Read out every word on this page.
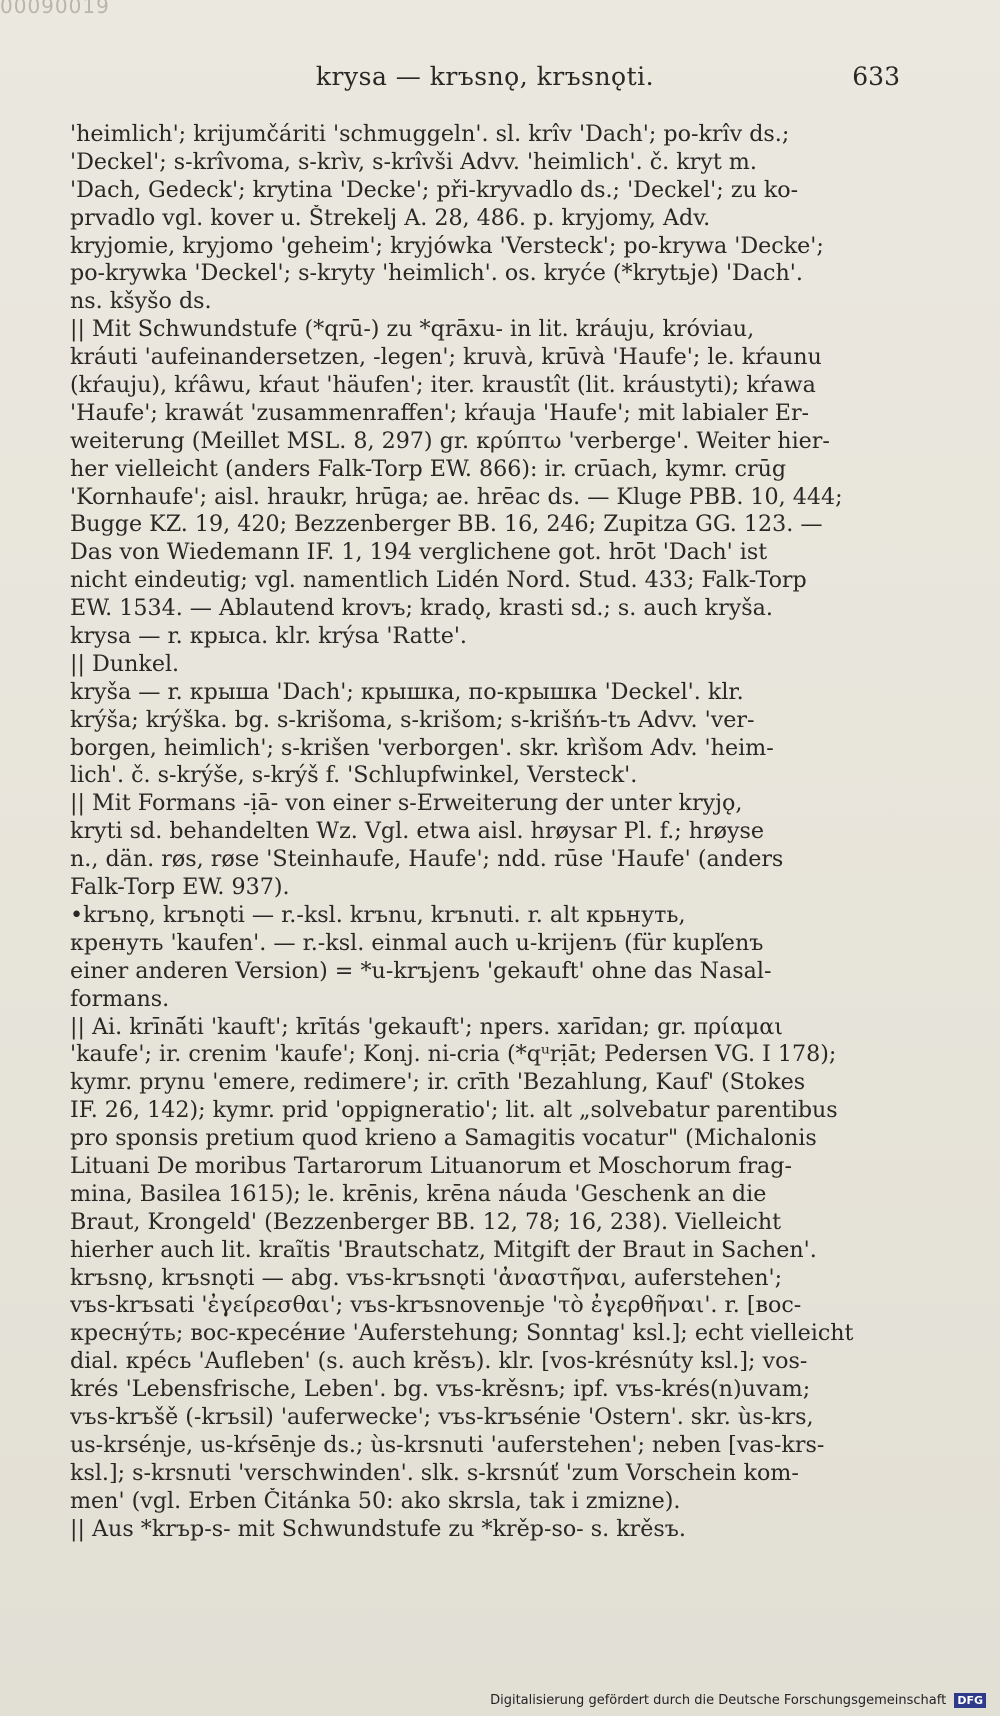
00090019
krysa — krъsnǫ, krъsnǫti.	633
'heimlich'; krijumčáriti 'schmuggeln'. sl. krîv 'Dach'; po-krîv ds.;
'Deckel'; s-krîvoma, s-krìv, s-krîvši Advv. 'heimlich'. č. kryt m.
'Dach, Gedeck'; krytina 'Decke'; při-kryvadlo ds.; 'Deckel'; zu ko-
prvadlo vgl. kover u. Štrekelj A. 28, 486. p. kryjomy, Adv.
kryjomie, kryjomo 'geheim'; kryjówka 'Versteck'; po-krywa 'Decke';
po-krywka 'Deckel'; s-kryty 'heimlich'. os. kryće (*krytьje) 'Dach'.
ns. kšyšo ds.
|| Mit Schwundstufe (*qrū-) zu *qrāxu- in lit. kráuju, króviau,
kráuti 'aufeinandersetzen, -legen'; kruvà, krūvà 'Haufe'; le. kŕaunu
(kŕauju), kŕâwu, kŕaut 'häufen'; iter. kraustît (lit. kráustyti); kŕawa
'Haufe'; krawát 'zusammenraffen'; kŕauja 'Haufe'; mit labialer Er-
weiterung (Meillet MSL. 8, 297) gr. κρύπτω 'verberge'. Weiter hier-
her vielleicht (anders Falk-Torp EW. 866): ir. crūach, kymr. crūg
'Kornhaufe'; aisl. hraukr, hrūga; ae. hrēac ds. — Kluge PBB. 10, 444;
Bugge KZ. 19, 420; Bezzenberger BB. 16, 246; Zupitza GG. 123. —
Das von Wiedemann IF. 1, 194 verglichene got. hrōt 'Dach' ist
nicht eindeutig; vgl. namentlich Lidén Nord. Stud. 433; Falk-Torp
EW. 1534. — Ablautend krovъ; kradǫ, krasti sd.; s. auch kryša.
krysa — r. крыса. klr. krýsa 'Ratte'.
|| Dunkel.
kryša — r. крыша 'Dach'; крышка, по-крышка 'Deckel'. klr.
krýša; krýška. bg. s-krišoma, s-krišom; s-krišńъ-tъ Advv. 'ver-
borgen, heimlich'; s-krišen 'verborgen'. skr. krìšom Adv. 'heim-
lich'. č. s-krýše, s-krýš f. 'Schlupfwinkel, Versteck'.
|| Mit Formans -ịā- von einer s-Erweiterung der unter kryjǫ,
kryti sd. behandelten Wz. Vgl. etwa aisl. hrøysar Pl. f.; hrøyse
n., dän. røs, røse 'Steinhaufe, Haufe'; ndd. rūse 'Haufe' (anders
Falk-Torp EW. 937).
•krъnǫ, krъnǫti — r.-ksl. krъnu, krъnuti. r. alt крьнуть,
кренуть 'kaufen'. — r.-ksl. einmal auch u-krijenъ (für kupľenъ
einer anderen Version) = *u-krъjenъ 'gekauft' ohne das Nasal-
formans.
|| Ai. krīnā́ti 'kauft'; krītás 'gekauft'; npers. xarīdan; gr. πρίαμαι
'kaufe'; ir. crenim 'kaufe'; Konj. ni-cria (*qᵘrịāt; Pedersen VG. I 178);
kymr. prynu 'emere, redimere'; ir. crīth 'Bezahlung, Kauf' (Stokes
IF. 26, 142); kymr. prid 'oppigneratio'; lit. alt „solvebatur parentibus
pro sponsis pretium quod krieno a Samagitis vocatur" (Michalonis
Lituani De moribus Tartarorum Lituanorum et Moschorum frag-
mina, Basilea 1615); le. krēnis, krēna náuda 'Geschenk an die
Braut, Krongeld' (Bezzenberger BB. 12, 78; 16, 238). Vielleicht
hierher auch lit. kraĩtis 'Brautschatz, Mitgift der Braut in Sachen'.
krъsnǫ, krъsnǫti — abg. vъs-krъsnǫti 'ἀναστῆναι, auferstehen';
vъs-krъsati 'ἐγείρεσθαι'; vъs-krъsnovenьje 'τὸ ἐγερθῆναι'. r. [вос-
кресну́ть; вос-кресе́ние 'Auferstehung; Sonntag' ksl.]; echt vielleicht
dial. кре́сь 'Aufleben' (s. auch krěsъ). klr. [vos-krésnúty ksl.]; vos-
krés 'Lebensfrische, Leben'. bg. vъs-krěsnъ; ipf. vъs-krés(n)uvam;
vъs-krъšě (-krъsil) 'auferwecke'; vъs-krъsénie 'Ostern'. skr. ùs-krs,
us-krsénje, us-kŕsēnje ds.; ùs-krsnuti 'auferstehen'; neben [vas-krs-
ksl.]; s-krsnuti 'verschwinden'. slk. s-krsnúť 'zum Vorschein kom-
men' (vgl. Erben Čitánka 50: ako skrsla, tak i zmizne).
|| Aus *krъp-s- mit Schwundstufe zu *krěp-so- s. krěsъ.
Digitalisierung gefördert durch die Deutsche Forschungsgemeinschaft DFG
